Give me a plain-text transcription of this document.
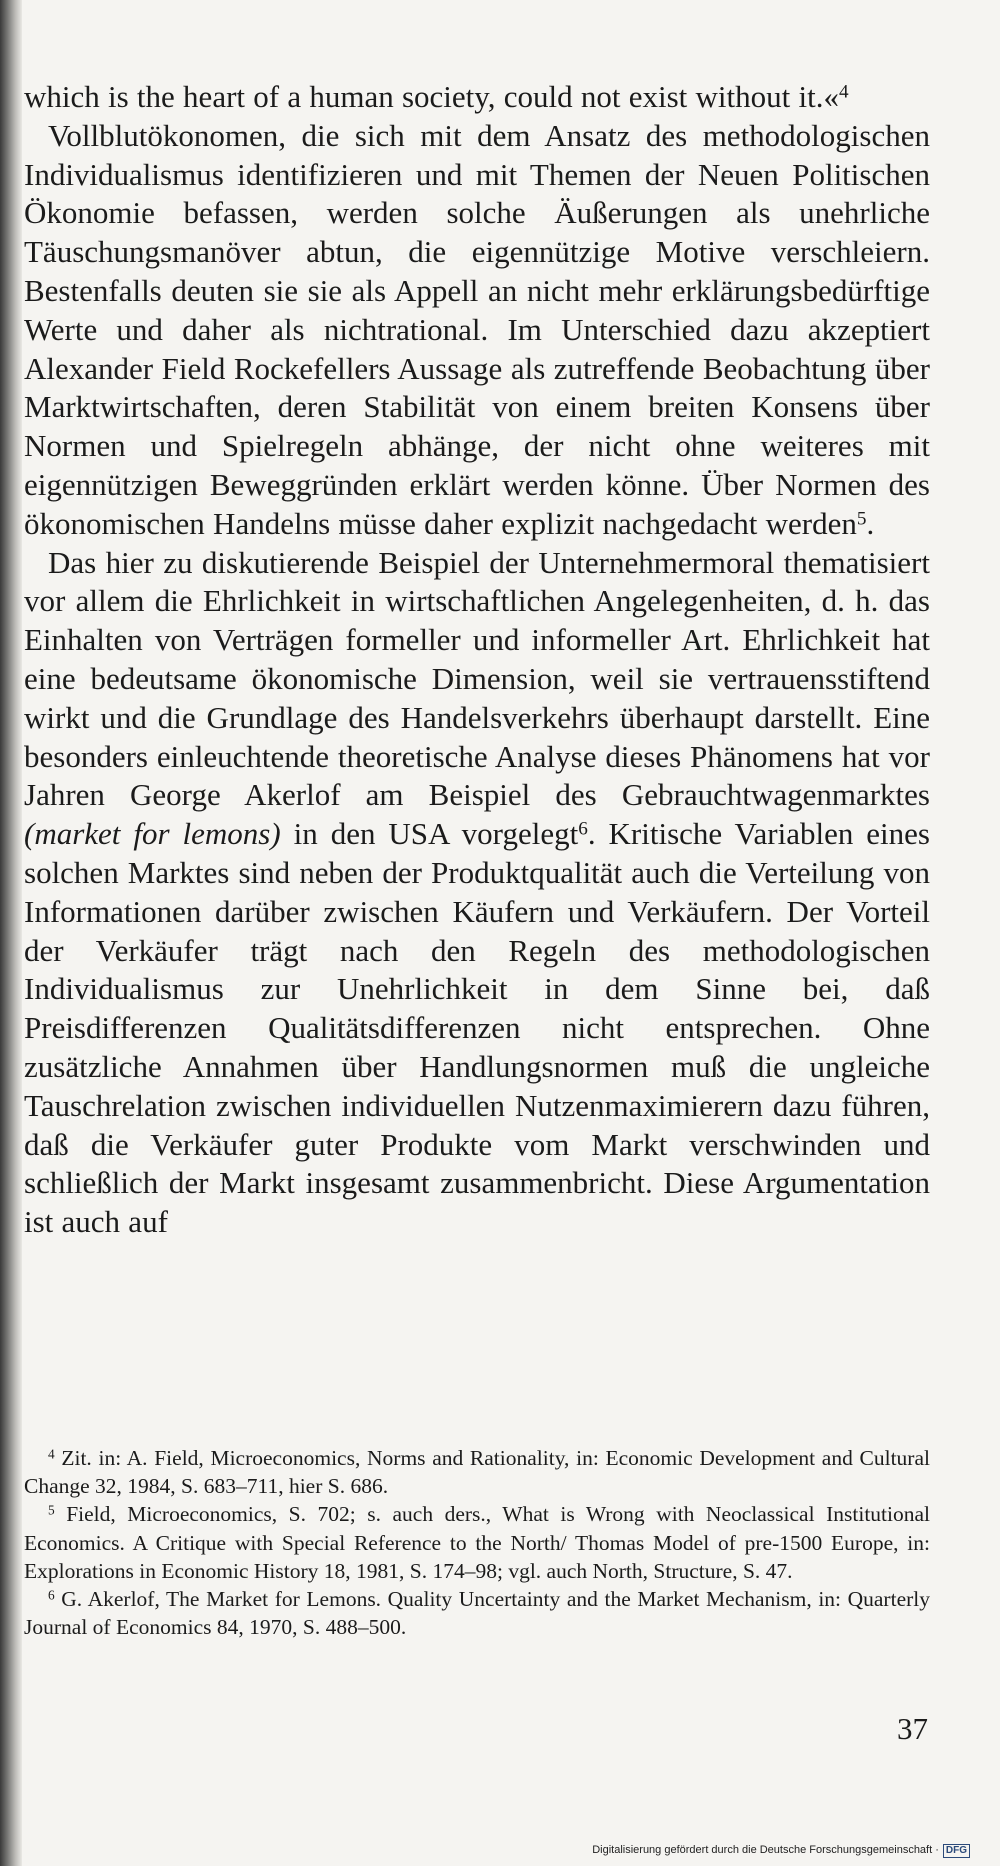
which is the heart of a human society, could not exist without it.«$^4$

Vollblutökonomen, die sich mit dem Ansatz des methodologischen Individualismus identifizieren und mit Themen der Neuen Politischen Ökonomie befassen, werden solche Äußerungen als unehrliche Täuschungsmanöver abtun, die eigennützige Motive verschleiern. Bestenfalls deuten sie sie als Appell an nicht mehr erklärungsbedürftige Werte und daher als nichtrational. Im Unterschied dazu akzeptiert Alexander Field Rockefellers Aussage als zutreffende Beobachtung über Marktwirtschaften, deren Stabilität von einem breiten Konsens über Normen und Spielregeln abhänge, der nicht ohne weiteres mit eigennützigen Beweggründen erklärt werden könne. Über Normen des ökonomischen Handelns müsse daher explizit nachgedacht werden$^5$.

Das hier zu diskutierende Beispiel der Unternehmermoral thematisiert vor allem die Ehrlichkeit in wirtschaftlichen Angelegenheiten, d. h. das Einhalten von Verträgen formeller und informeller Art. Ehrlichkeit hat eine bedeutsame ökonomische Dimension, weil sie vertrauensstiftend wirkt und die Grundlage des Handelsverkehrs überhaupt darstellt. Eine besonders einleuchtende theoretische Analyse dieses Phänomens hat vor Jahren George Akerlof am Beispiel des Gebrauchtwagenmarktes (market for lemons) in den USA vorgelegt$^6$. Kritische Variablen eines solchen Marktes sind neben der Produktqualität auch die Verteilung von Informationen darüber zwischen Käufern und Verkäufern. Der Vorteil der Verkäufer trägt nach den Regeln des methodologischen Individualismus zur Unehrlichkeit in dem Sinne bei, daß Preisdifferenzen Qualitätsdifferenzen nicht entsprechen. Ohne zusätzliche Annahmen über Handlungsnormen muß die ungleiche Tauschrelation zwischen individuellen Nutzenmaximierern dazu führen, daß die Verkäufer guter Produkte vom Markt verschwinden und schließlich der Markt insgesamt zusammenbricht. Diese Argumentation ist auch auf

$^4$ Zit. in: A. Field, Microeconomics, Norms and Rationality, in: Economic Development and Cultural Change 32, 1984, S. 683–711, hier S. 686.

$^5$ Field, Microeconomics, S. 702; s. auch ders., What is Wrong with Neoclassical Institutional Economics. A Critique with Special Reference to the North/ Thomas Model of pre-1500 Europe, in: Explorations in Economic History 18, 1981, S. 174–98; vgl. auch North, Structure, S. 47.

$^6$ G. Akerlof, The Market for Lemons. Quality Uncertainty and the Market Mechanism, in: Quarterly Journal of Economics 84, 1970, S. 488–500.

37
Digitalisierung gefördert durch die Deutsche Forschungsgemeinschaft · DFG
